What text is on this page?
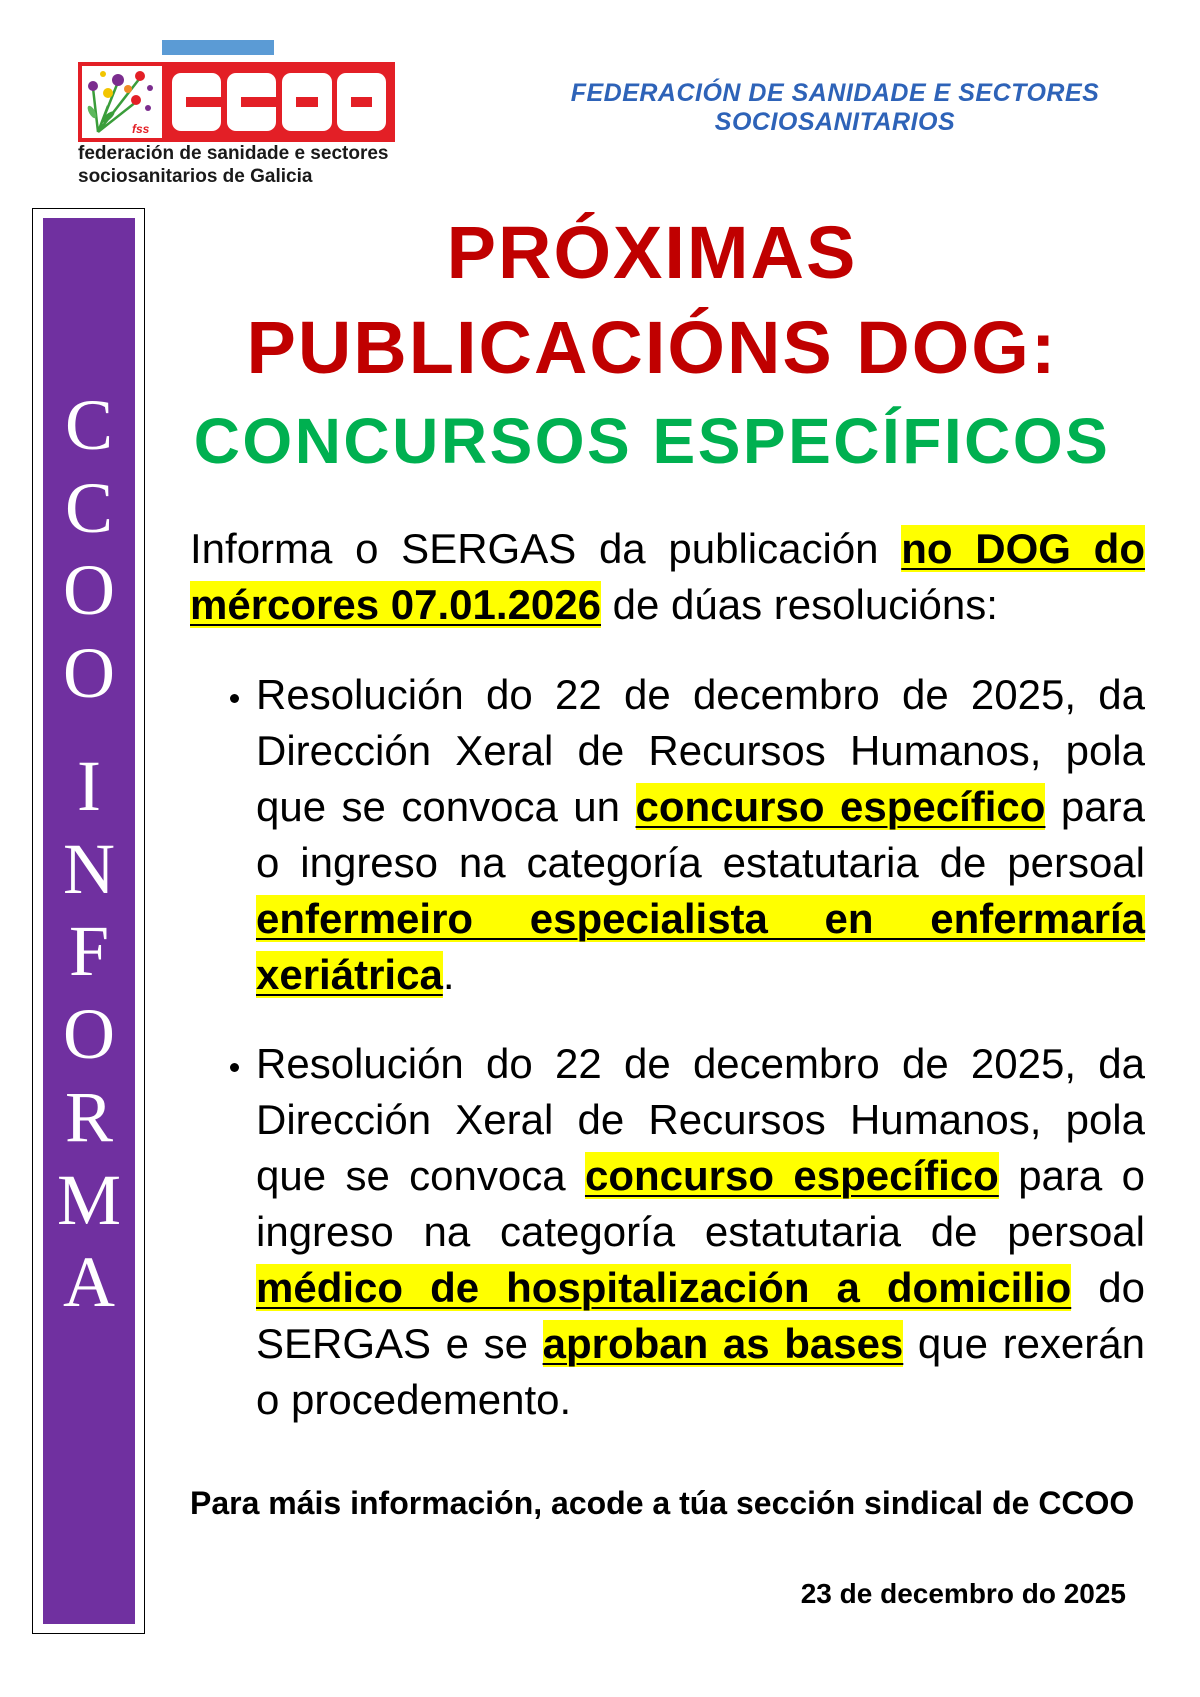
fss
federación de sanidade e sectores
sociosanitarios de Galicia
FEDERACIÓN DE SANIDADE E SECTORES
SOCIOSANITARIOS
CCOO
INFORMA
PRÓXIMAS
PUBLICACIÓNS DOG:
CONCURSOS ESPECÍFICOS

Informa o SERGAS da publicación no DOG do mércores 07.01.2026 de dúas resolucións:

Resolución do 22 de decembro de 2025, da Dirección Xeral de Recursos Humanos, pola que se convoca un concurso específico para o ingreso na categoría estatutaria de persoal enfermeiro especialista en enfermaría xeriátrica.
Resolución do 22 de decembro de 2025, da Dirección Xeral de Recursos Humanos, pola que se convoca concurso específico para o ingreso na categoría estatutaria de persoal médico de hospitalización a domicilio do SERGAS e se aproban as bases que rexerán o procedemento.
Para máis información, acode a túa sección sindical de CCOO
23 de decembro do 2025
